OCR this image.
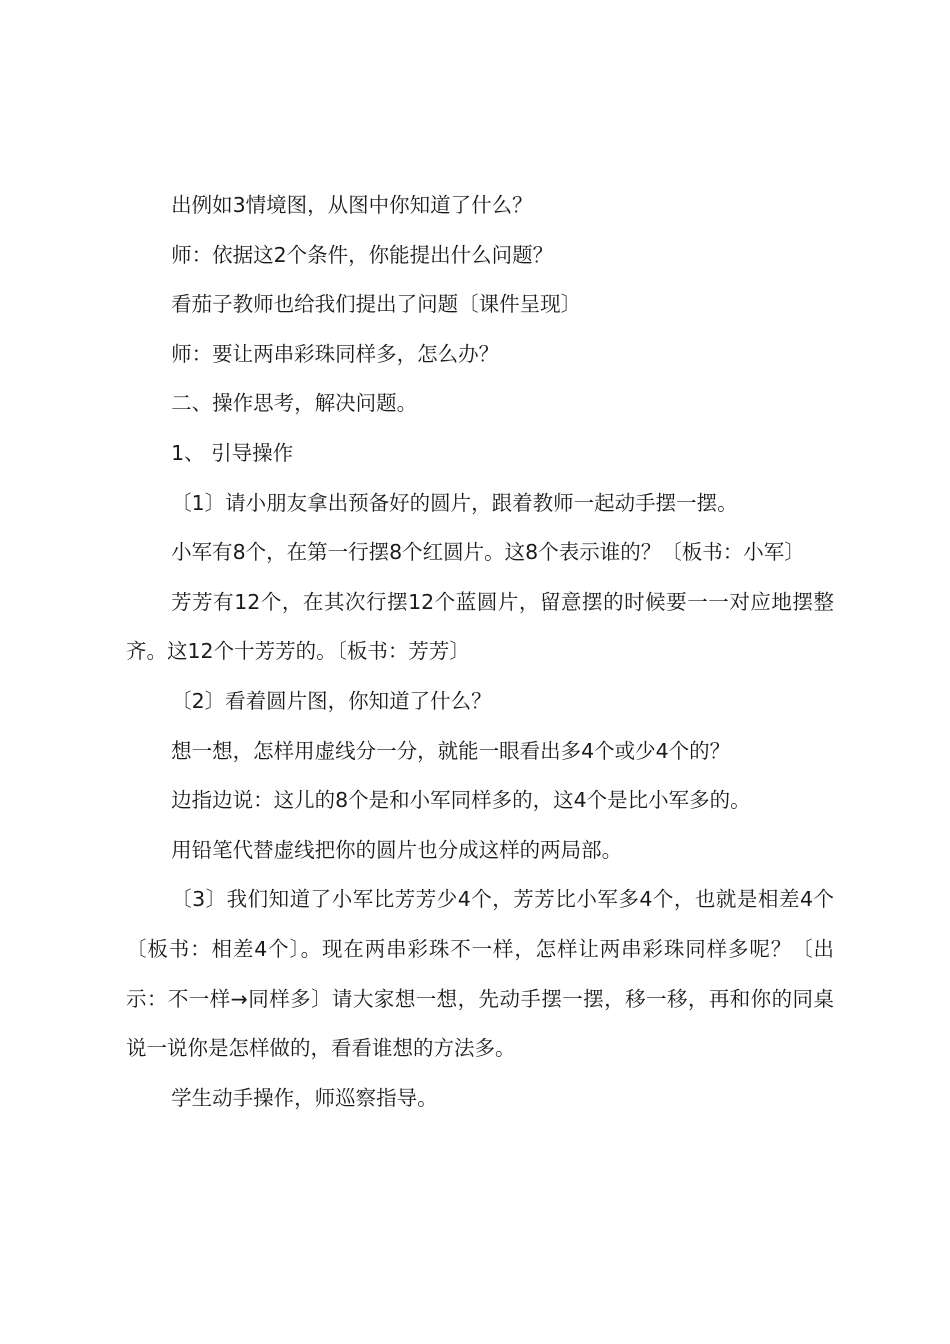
出例如3情境图，从图中你知道了什么？

师：依据这2个条件，你能提出什么问题？

看茄子教师也给我们提出了问题〔课件呈现〕

师：要让两串彩珠同样多，怎么办？

二、操作思考，解决问题。

1、 引导操作

〔1〕请小朋友拿出预备好的圆片，跟着教师一起动手摆一摆。

小军有8个，在第一行摆8个红圆片。这8个表示谁的？〔板书：小军〕

芳芳有12个，在其次行摆12个蓝圆片，留意摆的时候要一一对应地摆整齐。这12个十芳芳的。〔板书：芳芳〕

〔2〕看着圆片图，你知道了什么？

想一想，怎样用虚线分一分，就能一眼看出多4个或少4个的？

边指边说：这儿的8个是和小军同样多的，这4个是比小军多的。

用铅笔代替虚线把你的圆片也分成这样的两局部。

〔3〕我们知道了小军比芳芳少4个，芳芳比小军多4个，也就是相差4个〔板书：相差4个〕。现在两串彩珠不一样，怎样让两串彩珠同样多呢？〔出示：不一样→同样多〕请大家想一想，先动手摆一摆，移一移，再和你的同桌说一说你是怎样做的，看看谁想的方法多。

学生动手操作，师巡察指导。
